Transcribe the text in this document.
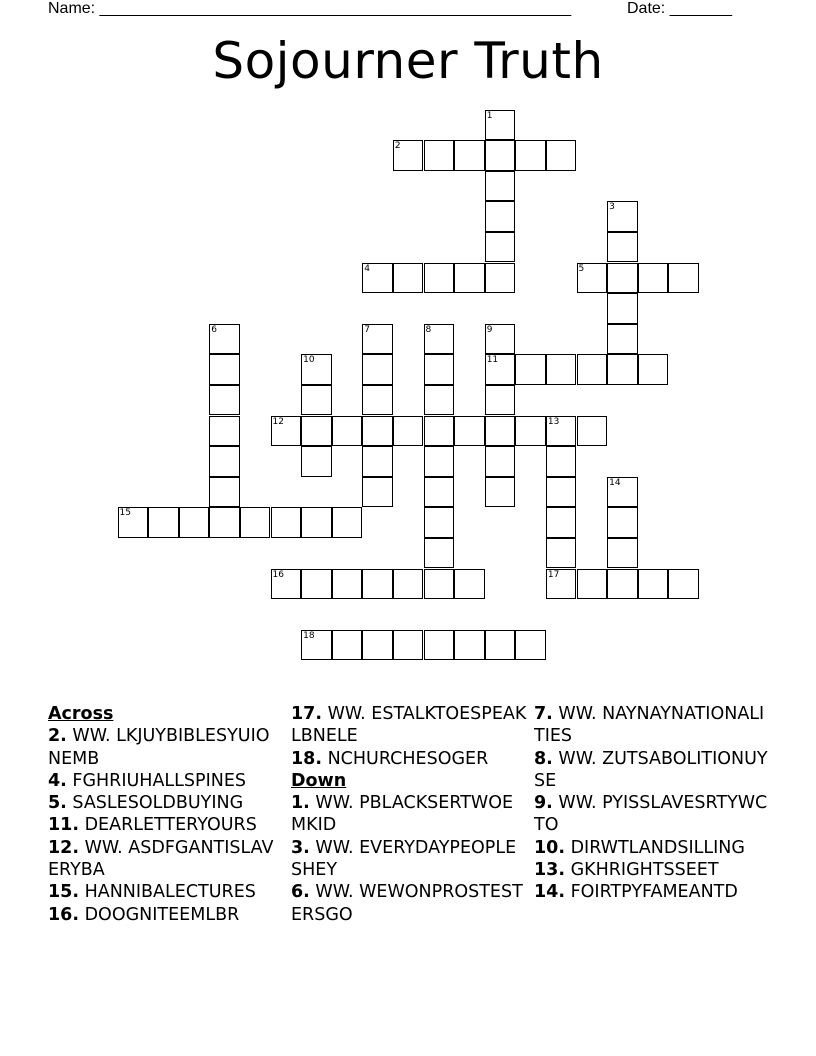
Name: _____________________________________________________	Date: _______
Sojourner Truth
1
2
3
4	5
6	7	8	9
10	11
12	13
14
15
16	17
18
Across
2. WW. LKJUYBIBLESYUIONEMB
4. FGHRIUHALLSPINES
5. SASLESOLDBUYING
11. DEARLETTERYOURS
12. WW. ASDFGANTISLAVERYBA
15. HANNIBALECTURES
16. DOOGNITEEMLBR
17. WW. ESTALKTOESPEAKLBNELE
18. NCHURCHESOGER
Down
1. WW. PBLACKSERTWOEMKID
3. WW. EVERYDAYPEOPLESHEY
6. WW. WEWONPROSTESTERSGO
7. WW. NAYNAYNATIONALITIES
8. WW. ZUTSABOLITIONUYSE
9. WW. PYISSLAVESRTYWCTO
10. DIRWTLANDSILLING
13. GKHRIGHTSSEET
14. FOIRTPYFAMEANTD
